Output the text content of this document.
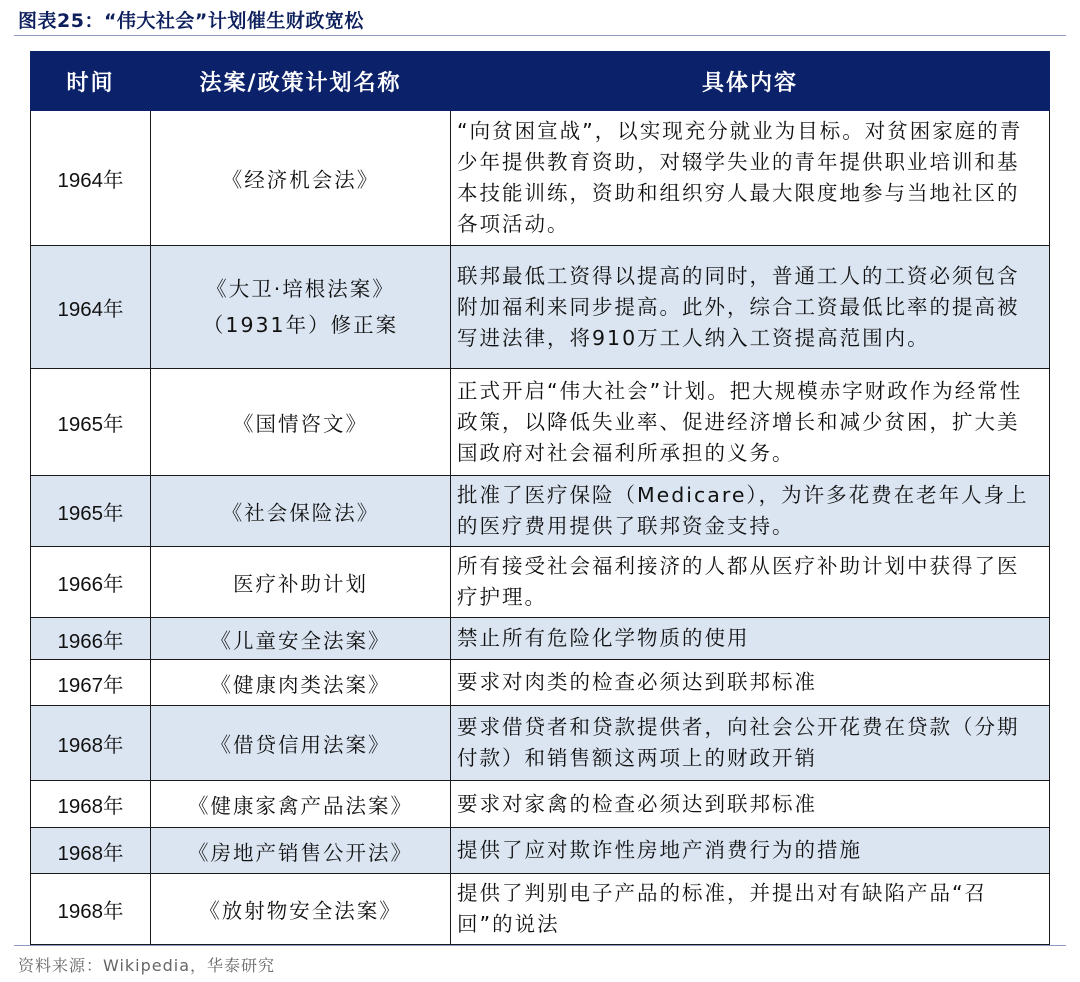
图表25：“伟大社会”计划催生财政宽松
时间	法案/政策计划名称	具体内容
1964年	《经济机会法》	“向贫困宣战”，以实现充分就业为目标。对贫困家庭的青少年提供教育资助，对辍学失业的青年提供职业培训和基本技能训练，资助和组织穷人最大限度地参与当地社区的各项活动。
1964年	《大卫·培根法案》（1931年）修正案	联邦最低工资得以提高的同时，普通工人的工资必须包含附加福利来同步提高。此外，综合工资最低比率的提高被写进法律，将910万工人纳入工资提高范围内。
1965年	《国情咨文》	正式开启“伟大社会”计划。把大规模赤字财政作为经常性政策，以降低失业率、促进经济增长和减少贫困，扩大美国政府对社会福利所承担的义务。
1965年	《社会保险法》	批准了医疗保险（Medicare），为许多花费在老年人身上的医疗费用提供了联邦资金支持。
1966年	医疗补助计划	所有接受社会福利接济的人都从医疗补助计划中获得了医疗护理。
1966年	《儿童安全法案》	禁止所有危险化学物质的使用
1967年	《健康肉类法案》	要求对肉类的检查必须达到联邦标准
1968年	《借贷信用法案》	要求借贷者和贷款提供者，向社会公开花费在贷款（分期付款）和销售额这两项上的财政开销
1968年	《健康家禽产品法案》	要求对家禽的检查必须达到联邦标准
1968年	《房地产销售公开法》	提供了应对欺诈性房地产消费行为的措施
1968年	《放射物安全法案》	提供了判别电子产品的标准，并提出对有缺陷产品“召回”的说法
资料来源：Wikipedia，华泰研究
